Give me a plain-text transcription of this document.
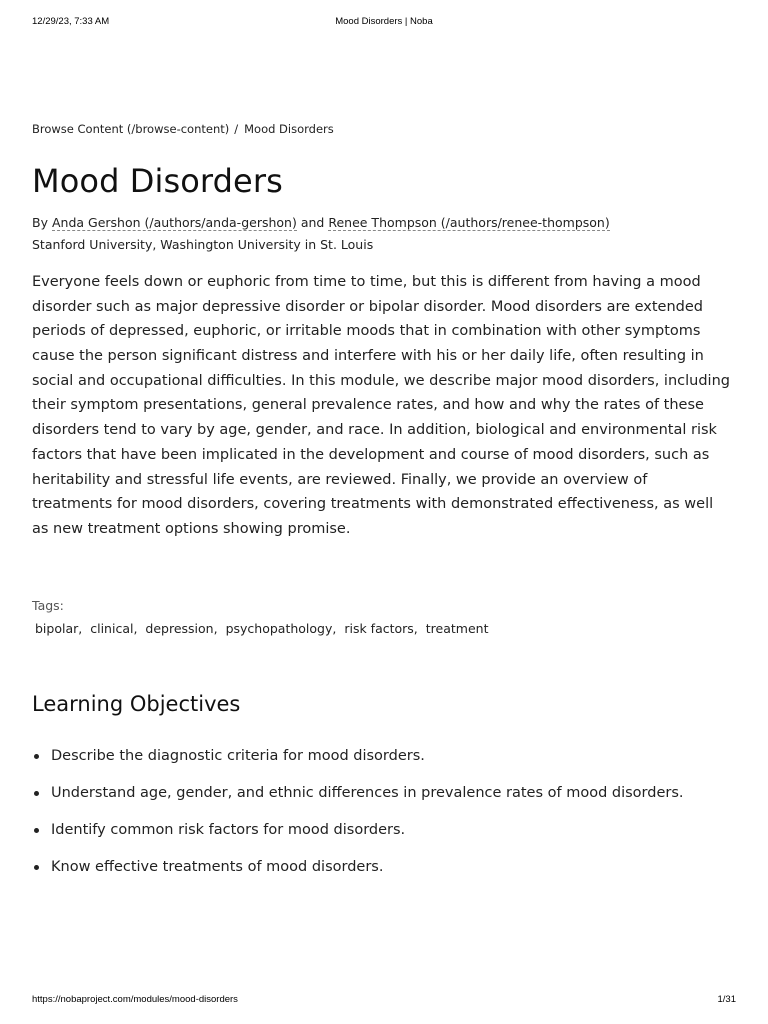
12/29/23, 7:33 AM	Mood Disorders | Noba
Browse Content (/browse-content) / Mood Disorders
Mood Disorders
By Anda Gershon (/authors/anda-gershon) and Renee Thompson (/authors/renee-thompson)
Stanford University, Washington University in St. Louis

Everyone feels down or euphoric from time to time, but this is different from having a mood disorder such as major depressive disorder or bipolar disorder. Mood disorders are extended periods of depressed, euphoric, or irritable moods that in combination with other symptoms cause the person significant distress and interfere with his or her daily life, often resulting in social and occupational difficulties. In this module, we describe major mood disorders, including their symptom presentations, general prevalence rates, and how and why the rates of these disorders tend to vary by age, gender, and race. In addition, biological and environmental risk factors that have been implicated in the development and course of mood disorders, such as heritability and stressful life events, are reviewed. Finally, we provide an overview of treatments for mood disorders, covering treatments with demonstrated effectiveness, as well as new treatment options showing promise.

Tags:
bipolar, clinical, depression, psychopathology, risk factors, treatment
Learning Objectives
Describe the diagnostic criteria for mood disorders.
Understand age, gender, and ethnic differences in prevalence rates of mood disorders.
Identify common risk factors for mood disorders.
Know effective treatments of mood disorders.
https://nobaproject.com/modules/mood-disorders	1/31
